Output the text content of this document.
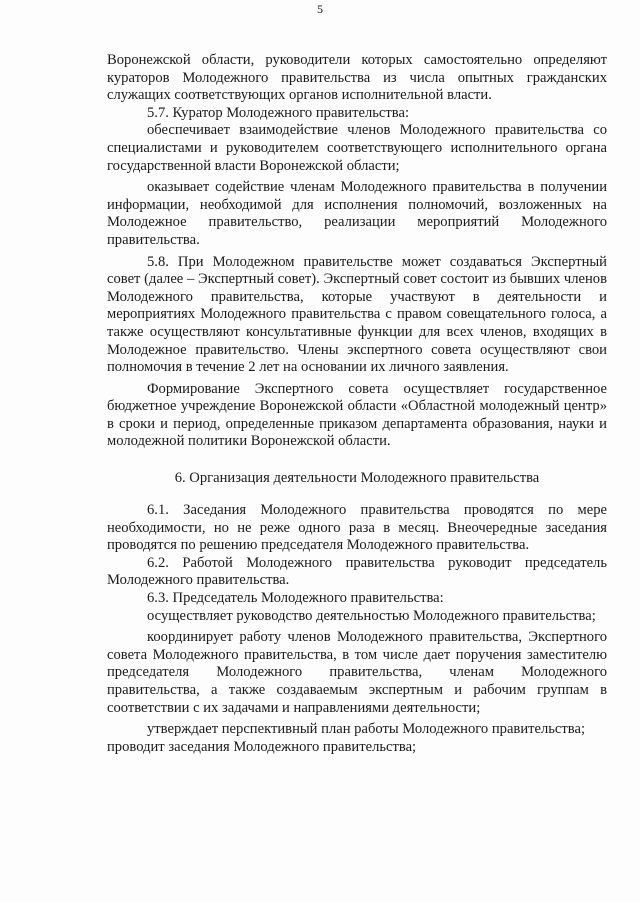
5

Воронежской области, руководители которых самостоятельно определяют кураторов Молодежного правительства из числа опытных гражданских служащих соответствующих органов исполнительной власти.

5.7. Куратор Молодежного правительства:

обеспечивает взаимодействие членов Молодежного правительства со специалистами и руководителем соответствующего исполнительного органа государственной власти Воронежской области;

оказывает содействие членам Молодежного правительства в получении информации, необходимой для исполнения полномочий, возложенных на Молодежное правительство, реализации мероприятий Молодежного правительства.

5.8. При Молодежном правительстве может создаваться Экспертный совет (далее – Экспертный совет). Экспертный совет состоит из бывших членов Молодежного правительства, которые участвуют в деятельности и мероприятиях Молодежного правительства с правом совещательного голоса, а также осуществляют консультативные функции для всех членов, входящих в Молодежное правительство. Члены экспертного совета осуществляют свои полномочия в течение 2 лет на основании их личного заявления.

Формирование Экспертного совета осуществляет государственное бюджетное учреждение Воронежской области «Областной молодежный центр» в сроки и период, определенные приказом департамента образования, науки и молодежной политики Воронежской области.

6. Организация деятельности Молодежного правительства

6.1. Заседания Молодежного правительства проводятся по мере необходимости, но не реже одного раза в месяц. Внеочередные заседания проводятся по решению председателя Молодежного правительства.

6.2. Работой Молодежного правительства руководит председатель Молодежного правительства.

6.3. Председатель Молодежного правительства:

осуществляет руководство деятельностью Молодежного правительства;

координирует работу членов Молодежного правительства, Экспертного совета Молодежного правительства, в том числе дает поручения заместителю председателя Молодежного правительства, членам Молодежного правительства, а также создаваемым экспертным и рабочим группам в соответствии с их задачами и направлениями деятельности;

утверждает перспективный план работы Молодежного правительства;

проводит заседания Молодежного правительства;
